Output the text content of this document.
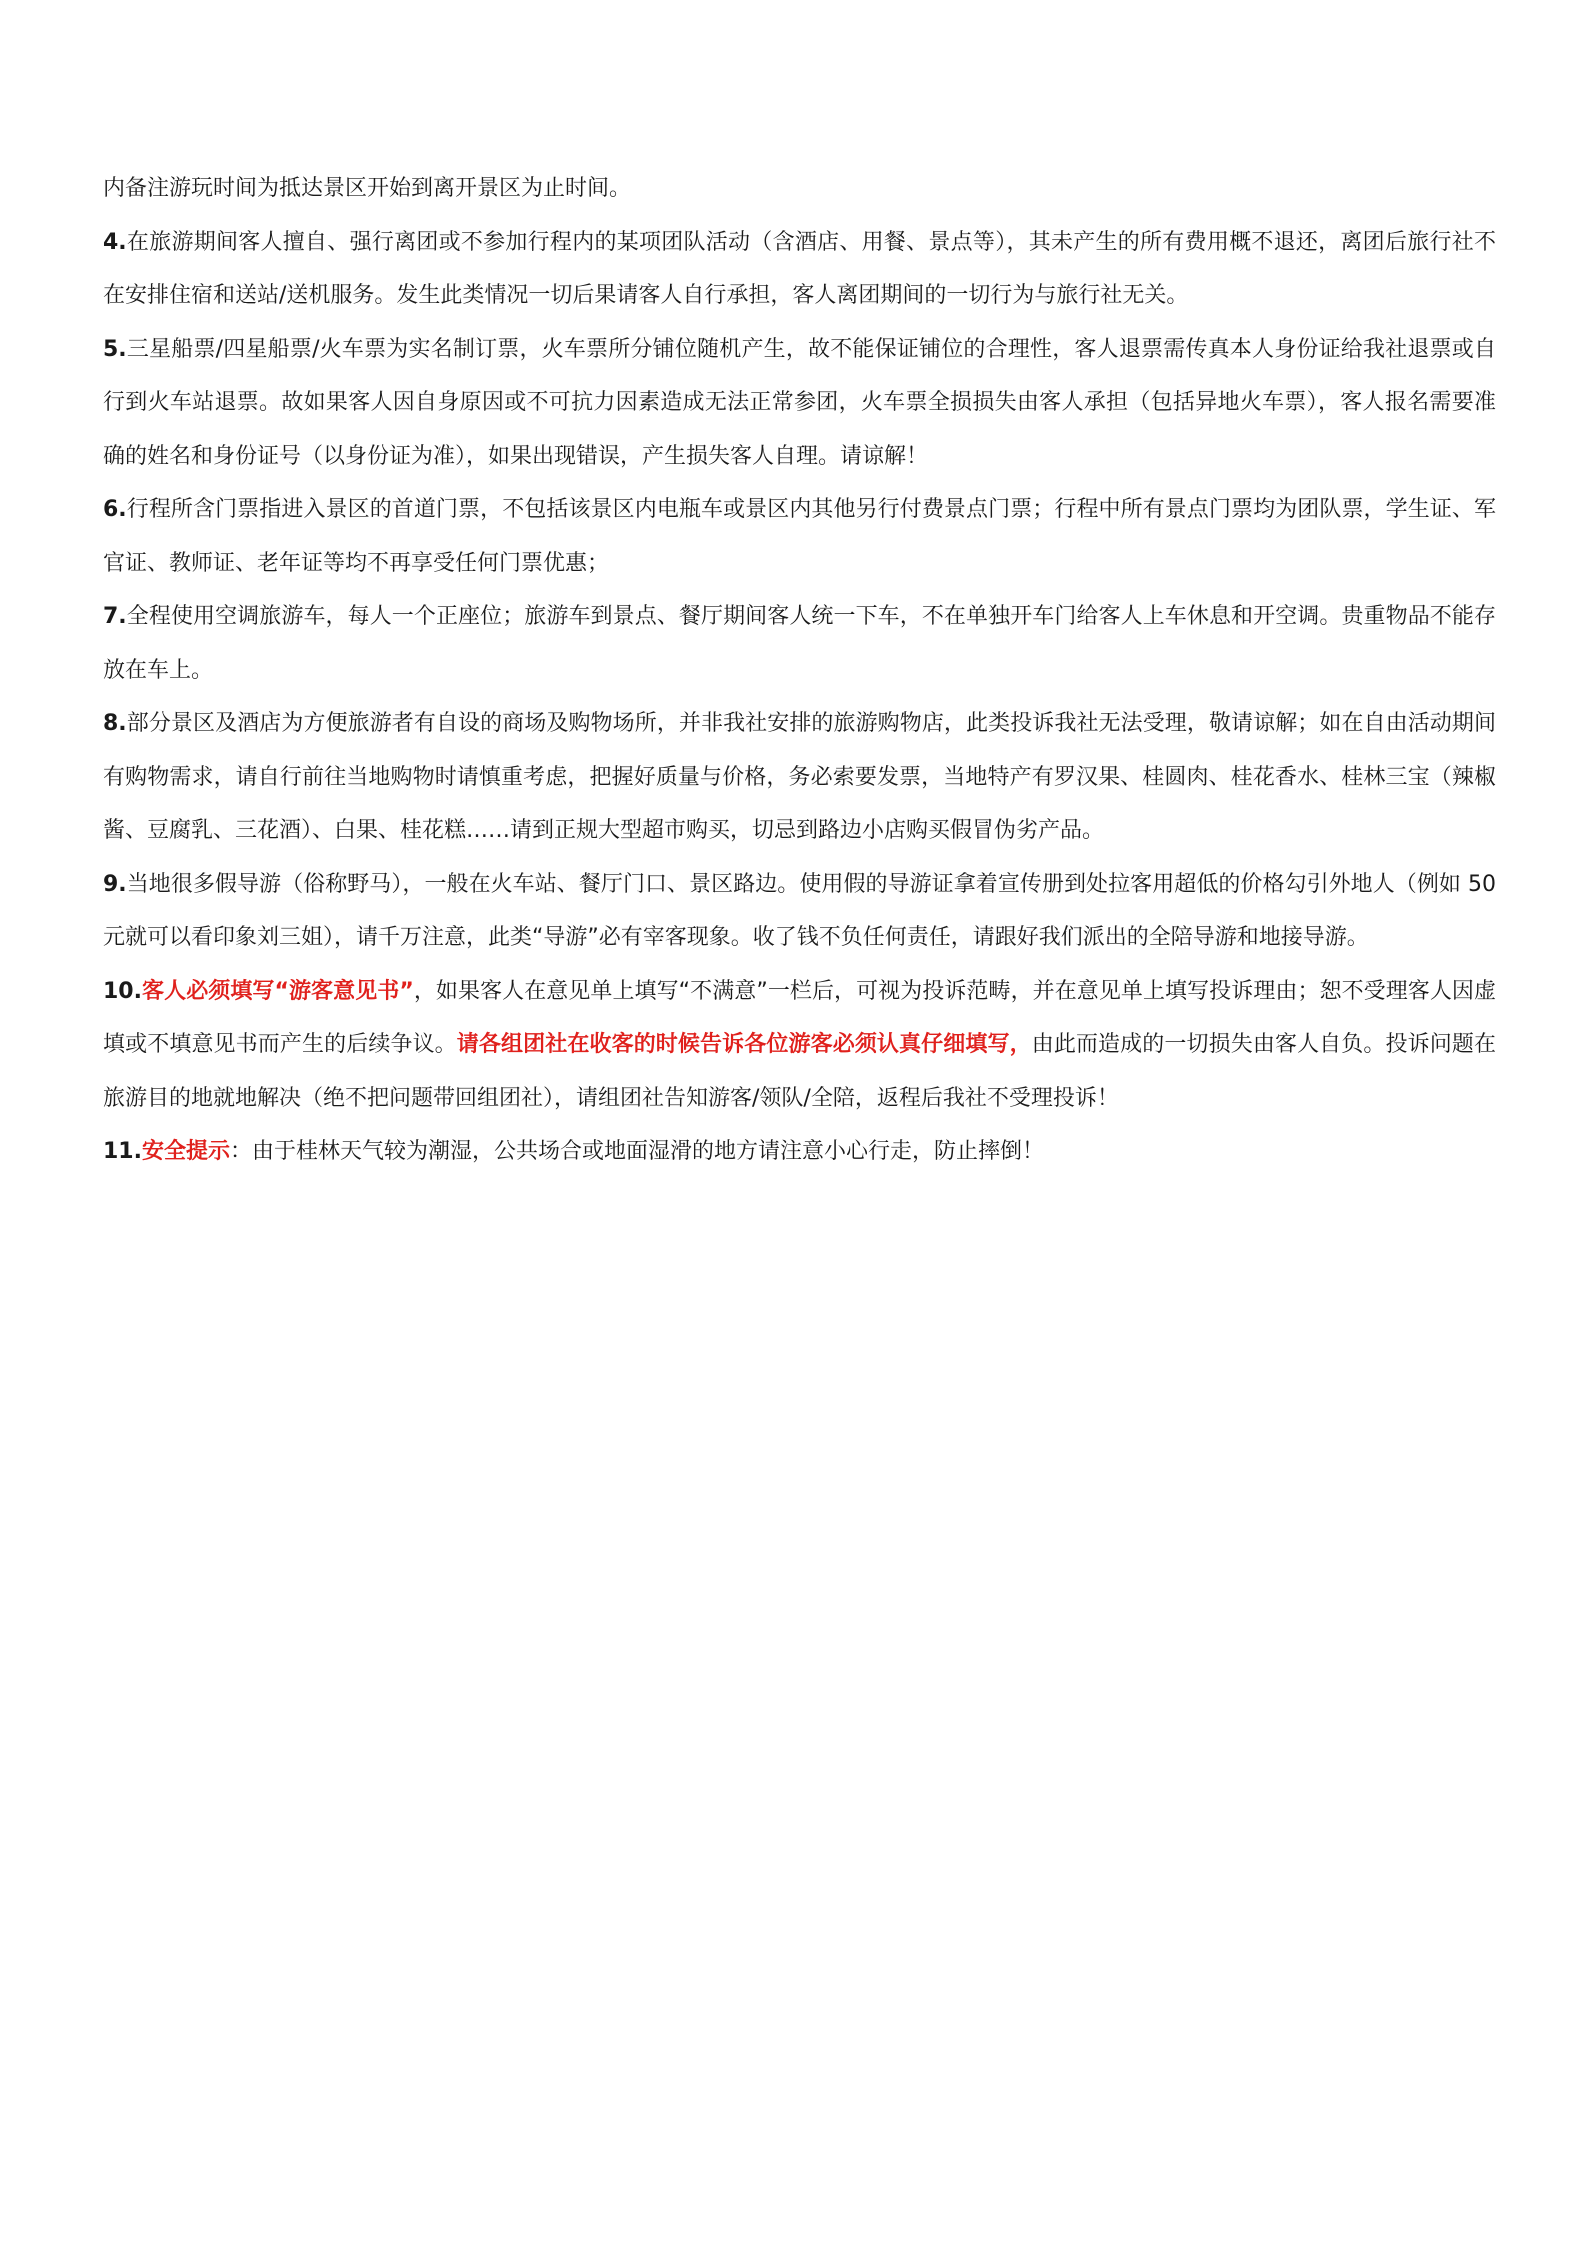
内备注游玩时间为抵达景区开始到离开景区为止时间。

4.在旅游期间客人擅自、强行离团或不参加行程内的某项团队活动（含酒店、用餐、景点等），其未产生的所有费用概不退还，离团后旅行社不在安排住宿和送站/送机服务。发生此类情况一切后果请客人自行承担，客人离团期间的一切行为与旅行社无关。

5.三星船票/四星船票/火车票为实名制订票，火车票所分铺位随机产生，故不能保证铺位的合理性，客人退票需传真本人身份证给我社退票或自行到火车站退票。故如果客人因自身原因或不可抗力因素造成无法正常参团，火车票全损损失由客人承担（包括异地火车票），客人报名需要准确的姓名和身份证号（以身份证为准），如果出现错误，产生损失客人自理。请谅解！

6.行程所含门票指进入景区的首道门票，不包括该景区内电瓶车或景区内其他另行付费景点门票；行程中所有景点门票均为团队票，学生证、军官证、教师证、老年证等均不再享受任何门票优惠；

7.全程使用空调旅游车，每人一个正座位；旅游车到景点、餐厅期间客人统一下车，不在单独开车门给客人上车休息和开空调。贵重物品不能存放在车上。

8.部分景区及酒店为方便旅游者有自设的商场及购物场所，并非我社安排的旅游购物店，此类投诉我社无法受理，敬请谅解；如在自由活动期间有购物需求，请自行前往当地购物时请慎重考虑，把握好质量与价格，务必索要发票，当地特产有罗汉果、桂圆肉、桂花香水、桂林三宝（辣椒酱、豆腐乳、三花酒）、白果、桂花糕……请到正规大型超市购买，切忌到路边小店购买假冒伪劣产品。

9.当地很多假导游（俗称野马），一般在火车站、餐厅门口、景区路边。使用假的导游证拿着宣传册到处拉客用超低的价格勾引外地人（例如 50 元就可以看印象刘三姐），请千万注意，此类“导游”必有宰客现象。收了钱不负任何责任，请跟好我们派出的全陪导游和地接导游。

10.客人必须填写“游客意见书”，如果客人在意见单上填写“不满意”一栏后，可视为投诉范畴，并在意见单上填写投诉理由；恕不受理客人因虚填或不填意见书而产生的后续争议。请各组团社在收客的时候告诉各位游客必须认真仔细填写，由此而造成的一切损失由客人自负。投诉问题在旅游目的地就地解决（绝不把问题带回组团社），请组团社告知游客/领队/全陪，返程后我社不受理投诉！

11.安全提示：由于桂林天气较为潮湿，公共场合或地面湿滑的地方请注意小心行走，防止摔倒！
